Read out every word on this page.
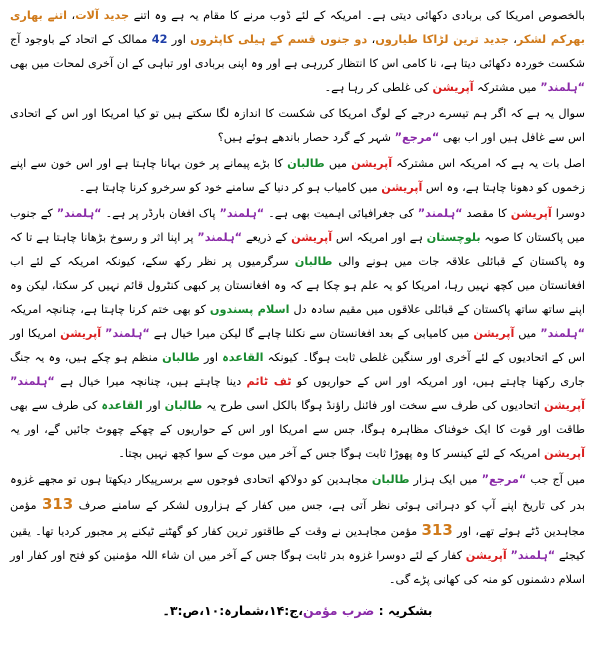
بالخصوص امریکا کی بربادی دکھائی دیتی ہے۔ امریکہ کے لئے ڈوب مرنے کا مقام یہ ہے وہ اتنے جدید آلات، اتنے بھاری بھرکم لشکر، جدید ترین لڑاکا طیاروں، دو جنوں قسم کے ہیلی کاپٹروں اور 42 ممالک کے اتحاد کے باوجود آج شکست خوردہ دکھائی دیتا ہے، نا کامی اس کا انتظار کررہی ہے اور وہ اپنی بربادی اور تباہی کے ان آخری لمحات میں بھی “ہلمند” میں مشترکہ آپریشن کی غلطی کر رہا ہے۔

سوال یہ ہے کہ اگر ہم تیسرے درجے کے لوگ امریکا کی شکست کا اندازہ لگا سکتے ہیں تو کیا امریکا اور اس کے اتحادی اس سے غافل ہیں اور اب بھی “مرجع” شہر کے گرد حصار باندھے ہوئے ہیں؟

اصل بات یہ ہے کہ امریکہ اس مشترکہ آپریشن میں طالبان کا بڑے پیمانے پر خون بہانا چاہتا ہے اور اس خون سے اپنے زخموں کو دھونا چاہتا ہے، وہ اس آپریشن میں کامیاب ہو کر دنیا کے سامنے خود کو سرخرو کرنا چاہتا ہے۔

دوسرا آپریشن کا مقصد “ہلمند” کی جغرافیائی اہمیت بھی ہے۔ “ہلمند” پاک افغان بارڈر پر ہے۔ “ہلمند” کے جنوب میں پاکستان کا صوبہ بلوچستان ہے اور امریکہ اس آپریشن کے ذریعے “ہلمند” پر اپنا اثر و رسوخ بڑھانا چاہتا ہے تا کہ وہ پاکستان کے قبائلی علاقہ جات میں ہونے والی طالبان سرگرمیوں پر نظر رکھ سکے، کیونکہ امریکہ کے لئے اب افغانستان میں کچھ نہیں رہا، امریکا کو یہ علم ہو چکا ہے کہ وہ افغانستان پر کبھی کنٹرول قائم نہیں کر سکتا، لیکن وہ اپنے ساتھ ساتھ پاکستان کے قبائلی علاقوں میں مقیم سادہ دل اسلام پسندوں کو بھی ختم کرنا چاہتا ہے، چنانچہ امریکہ “ہلمند” میں آپریشن میں کامیابی کے بعد افغانستان سے نکلنا چاہے گا لیکن میرا خیال ہے “ہلمند” آپریشن امریکا اور اس کے اتحادیوں کے لئے آخری اور سنگین غلطی ثابت ہوگا۔ کیونکہ القاعدہ اور طالبان منظم ہو چکے ہیں، وہ یہ جنگ جاری رکھنا چاہتے ہیں، اور امریکہ اور اس کے حواریوں کو ٹف ٹائم دینا چاہتے ہیں، چنانچہ میرا خیال ہے “ہلمند” آپریشن اتحادیوں کی طرف سے سخت اور فائنل راؤنڈ ہوگا بالکل اسی طرح یہ طالبان اور القاعدہ کی طرف سے بھی طاقت اور قوت کا ایک خوفناک مظاہرہ ہوگا، جس سے امریکا اور اس کے حواریوں کے چھکے چھوٹ جائیں گے، اور یہ آپریشن امریکہ کے لئے کینسر کا وہ پھوڑا ثابت ہوگا جس کے آخر میں موت کے سوا کچھ نہیں بچتا۔

میں آج جب “مرجع” میں ایک ہزار طالبان مجاہدین کو دولاکھ اتحادی فوجوں سے برسرپیکار دیکھتا ہوں تو مجھے غزوہ بدر کی تاریخ اپنے آپ کو دہراتی ہوئی نظر آتی ہے، جس میں کفار کے ہزاروں لشکر کے سامنے صرف 313 مؤمن مجاہدین ڈٹے ہوئے تھے، اور 313 مؤمن مجاہدین نے وقت کے طاقتور ترین کفار کو گھٹنے ٹیکنے پر مجبور کردیا تھا۔ یقین کیجئے “ہلمند” آپریشن کفار کے لئے دوسرا غزوہ بدر ثابت ہوگا جس کے آخر میں ان شاء اللہ مؤمنین کو فتح اور کفار اور اسلام دشمنوں کو منہ کی کھانی پڑے گی۔

بشکریہ : ضرب مؤمن،ج:۱۴،شمارہ:۱۰،ص:۳۔
